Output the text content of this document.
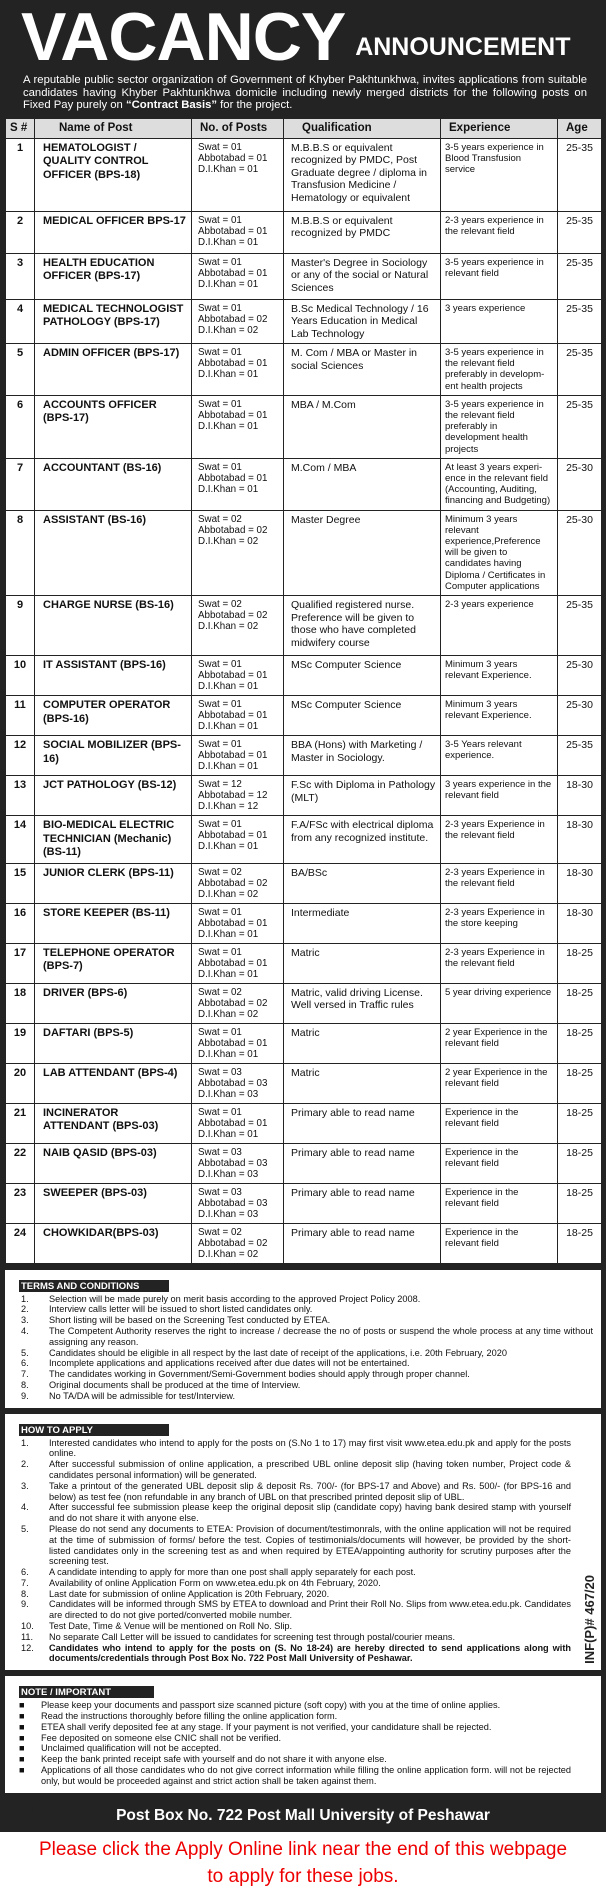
VACANCY ANNOUNCEMENT

A reputable public sector organization of Government of Khyber Pakhtunkhwa, invites applications from suitable candidates having Khyber Pakhtunkhwa domicile including newly merged districts for the following posts on Fixed Pay purely on “Contract Basis” for the project.

S #	Name of Post	No. of Posts	Qualification	Experience	Age
1	HEMATOLOGIST / QUALITY CONTROL OFFICER (BPS-18)	Swat = 01
Abbotabad = 01
D.I.Khan = 01	M.B.B.S or equivalent recognized by PMDC, Post Graduate degree / diploma in Transfusion Medicine / Hematology or equivalent	3-5 years experience in Blood Transfusion service	25-35
2	MEDICAL OFFICER BPS-17	Swat = 01
Abbotabad = 01
D.I.Khan = 01	M.B.B.S or equivalent recognized by PMDC	2-3 years experience in the relevant field	25-35
3	HEALTH EDUCATION OFFICER (BPS-17)	Swat = 01
Abbotabad = 01
D.I.Khan = 01	Master's Degree in Sociology or any of the social or Natural Sciences	3-5 years experience in relevant field	25-35
4	MEDICAL TECHNOLOGIST PATHOLOGY (BPS-17)	Swat = 01
Abbotabad = 02
D.I.Khan = 02	B.Sc Medical Technology / 16 Years Education in Medical Lab Technology	3 years experience	25-35
5	ADMIN OFFICER (BPS-17)	Swat = 01
Abbotabad = 01
D.I.Khan = 01	M. Com / MBA or Master in social Sciences	3-5 years experience in the relevant field preferably in developm-ent health projects	25-35
6	ACCOUNTS OFFICER (BPS-17)	Swat = 01
Abbotabad = 01
D.I.Khan = 01	MBA / M.Com	3-5 years experience in the relevant field preferably in development health projects	25-35
7	ACCOUNTANT (BS-16)	Swat = 01
Abbotabad = 01
D.I.Khan = 01	M.Com / MBA	At least 3 years experi-ence in the relevant field (Accounting, Auditing, financing and Budgeting)	25-30
8	ASSISTANT (BS-16)	Swat = 02
Abbotabad = 02
D.I.Khan = 02	Master Degree	Minimum 3 years relevant experience,Preference will be given to candidates having Diploma / Certificates in Computer applications	25-30
9	CHARGE NURSE (BS-16)	Swat = 02
Abbotabad = 02
D.I.Khan = 02	Qualified registered nurse. Preference will be given to those who have completed midwifery course	2-3 years experience	25-35
10	IT ASSISTANT (BPS-16)	Swat = 01
Abbotabad = 01
D.I.Khan = 01	MSc Computer Science	Minimum 3 years relevant Experience.	25-30
11	COMPUTER OPERATOR (BPS-16)	Swat = 01
Abbotabad = 01
D.I.Khan = 01	MSc Computer Science	Minimum 3 years relevant Experience.	25-30
12	SOCIAL MOBILIZER (BPS-16)	Swat = 01
Abbotabad = 01
D.I.Khan = 01	BBA (Hons) with Marketing / Master in Sociology.	3-5 Years relevant experience.	25-35
13	JCT PATHOLOGY (BS-12)	Swat = 12
Abbotabad = 12
D.I.Khan = 12	F.Sc with Diploma in Pathology (MLT)	3 years experience in the relevant field	18-30
14	BIO-MEDICAL ELECTRIC TECHNICIAN (Mechanic) (BS-11)	Swat = 01
Abbotabad = 01
D.I.Khan = 01	F.A/FSc with electrical diploma from any recognized institute.	2-3 years Experience in the relevant field	18-30
15	JUNIOR CLERK (BPS-11)	Swat = 02
Abbotabad = 02
D.I.Khan = 02	BA/BSc	2-3 years Experience in the relevant field	18-30
16	STORE KEEPER (BS-11)	Swat = 01
Abbotabad = 01
D.I.Khan = 01	Intermediate	2-3 years Experience in the store keeping	18-30
17	TELEPHONE OPERATOR (BPS-7)	Swat = 01
Abbotabad = 01
D.I.Khan = 01	Matric	2-3 years Experience in the relevant field	18-25
18	DRIVER (BPS-6)	Swat = 02
Abbotabad = 02
D.I.Khan = 02	Matric, valid driving License. Well versed in Traffic rules	5 year driving experience	18-25
19	DAFTARI (BPS-5)	Swat = 01
Abbotabad = 01
D.I.Khan = 01	Matric	2 year Experience in the relevant field	18-25
20	LAB ATTENDANT (BPS-4)	Swat = 03
Abbotabad = 03
D.I.Khan = 03	Matric	2 year Experience in the relevant field	18-25
21	INCINERATOR ATTENDANT (BPS-03)	Swat = 01
Abbotabad = 01
D.I.Khan = 01	Primary able to read name	Experience in the relevant field	18-25
22	NAIB QASID (BPS-03)	Swat = 03
Abbotabad = 03
D.I.Khan = 03	Primary able to read name	Experience in the relevant field	18-25
23	SWEEPER (BPS-03)	Swat = 03
Abbotabad = 03
D.I.Khan = 03	Primary able to read name	Experience in the relevant field	18-25
24	CHOWKIDAR(BPS-03)	Swat = 02
Abbotabad = 02
D.I.Khan = 02	Primary able to read name	Experience in the relevant field	18-25
TERMS AND CONDITIONS
1.	Selection will be made purely on merit basis according to the approved Project Policy 2008.
2.	Interview calls letter will be issued to short listed candidates only.
3.	Short listing will be based on the Screening Test conducted by ETEA.
4.	The Competent Authority reserves the right to increase / decrease the no of posts or suspend the whole process at any time without assigning any reason.
5.	Candidates should be eligible in all respect by the last date of receipt of the applications, i.e. 20th February, 2020
6.	Incomplete applications and applications received after due dates will not be entertained.
7.	The candidates working in Government/Semi-Government bodies should apply through proper channel.
8.	Original documents shall be produced at the time of Interview.
9.	No TA/DA will be admissible for test/Interview.
HOW TO APPLY
1.	Interested candidates who intend to apply for the posts on (S.No 1 to 17) may first visit www.etea.edu.pk and apply for the posts online.
2.	After successful submission of online application, a prescribed UBL online deposit slip (having token number, Project code & candidates personal information) will be generated.
3.	Take a printout of the generated UBL deposit slip & deposit Rs. 700/- (for BPS-17 and Above) and Rs. 500/- (for BPS-16 and below) as test fee (non refundable in any branch of UBL on that prescribed printed deposit slip of UBL.
4.	After successful fee submission please keep the original deposit slip (candidate copy) having bank desired stamp with yourself and do not share it with anyone else.
5.	Please do not send any documents to ETEA: Provision of document/testimonrals, with the online application will not be required at the time of submission of forms/ before the test. Copies of testimonials/documents will however, be provided by the short-listed candidates only in the screening test as and when required by ETEA/appointing authority for scrutiny purposes after the screening test.
6.	A candidate intending to apply for more than one post shall apply separately for each post.
7.	Availability of online Application Form on www.etea.edu.pk on 4th February, 2020.
8.	Last date for submission of online Application is 20th February, 2020.
9.	Candidates will be informed through SMS by ETEA to download and Print their Roll No. Slips from www.etea.edu.pk. Candidates are directed to do not give ported/converted mobile number.
10.	Test Date, Time & Venue will be mentioned on Roll No. Slip.
11.	No separate Call Letter will be issued to candidates for screening test through postal/courier means.
12.	Candidates who intend to apply for the posts on (S. No 18-24) are hereby directed to send applications along with documents/credentials through Post Box No. 722 Post Mall University of Peshawar.	INF(P)# 467/20
NOTE / IMPORTANT
■	Please keep your documents and passport size scanned picture (soft copy) with you at the time of online applies.
■	Read the instructions thoroughly before filling the online application form.
■	ETEA shall verify deposited fee at any stage. If your payment is not verified, your candidature shall be rejected.
■	Fee deposited on someone else CNIC shall not be verified.
■	Unclaimed qualification will not be accepted.
■	Keep the bank printed receipt safe with yourself and do not share it with anyone else.
■	Applications of all those candidates who do not give correct information while filling the online application form. will not be rejected only, but would be proceeded against and strict action shall be taken against them.
Post Box No. 722 Post Mall University of Peshawar
Please click the Apply Online link near the end of this webpage to apply for these jobs.
